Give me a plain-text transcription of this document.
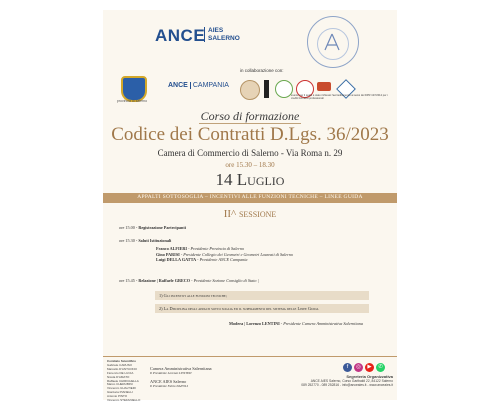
ANCE AIES
SALERNO
provincia di salerno
ANCE CAMPANIA
in collaborazione con:
evento per il quale è stato richiesto l'accreditamento ai sensi del DPR 137/2012 per i crediti formativi professionali
Corso di formazione
Codice dei Contratti D.Lgs. 36/2023
Camera di Commercio di Salerno - Via Roma n. 29
ore 15.30 – 18.30
14 Luglio
APPALTI SOTTOSOGLIA – INCENTIVI ALLE FUNZIONI TECNICHE – LINEE GUIDA
II^ sessione
ore 15.00 - Registrazione Partecipanti
ore 15.30 - Saluti Istituzionali
Franco ALFIERI - Presidente Provincia di Salerno
Gino PARISI - Presidente Collegio dei Geometri e Geometri Laureati di Salerno
Luigi DELLA GATTA - Presidente ANCE Campania
ore 15.45 - Relazione | Raffaele GRECO - Presidente Sezione Consiglio di Stato |
1) Gli incentivi alle funzioni tecniche;
2) La Disciplina degli appalti sotto soglia ed il superamento del sistema delle Linee Guida
Modera | Lorenzo LENTINI - Presidente Camera Amministrativa Salernitana
Comitato Scientifico
Gabriele CARUSO
Marcello D'ANTUONO
Fiorenzo DE LUCIA
Nicola D'AMATO
Raffaele CHIRICHELLA
Marco CHERUBINI
Vincenzo GUALTIERI
Gianluca PIANELLI
Antonio PINTO
Vincenzo STEFANIELLO
Camera Amministrativa Salernitana
Il Presidente Lorenzo LENTINI
ANCE AIES Salerno
Il Presidente Fabio NAPOLI
f	◎	▶	✆
Segreteria Organizzativa
ANCE AIES Salerno, Corso Garibaldi 22, 84122 Salerno
089 252770 - 089 252816 - info@anceaies.it - www.anceaies.it
